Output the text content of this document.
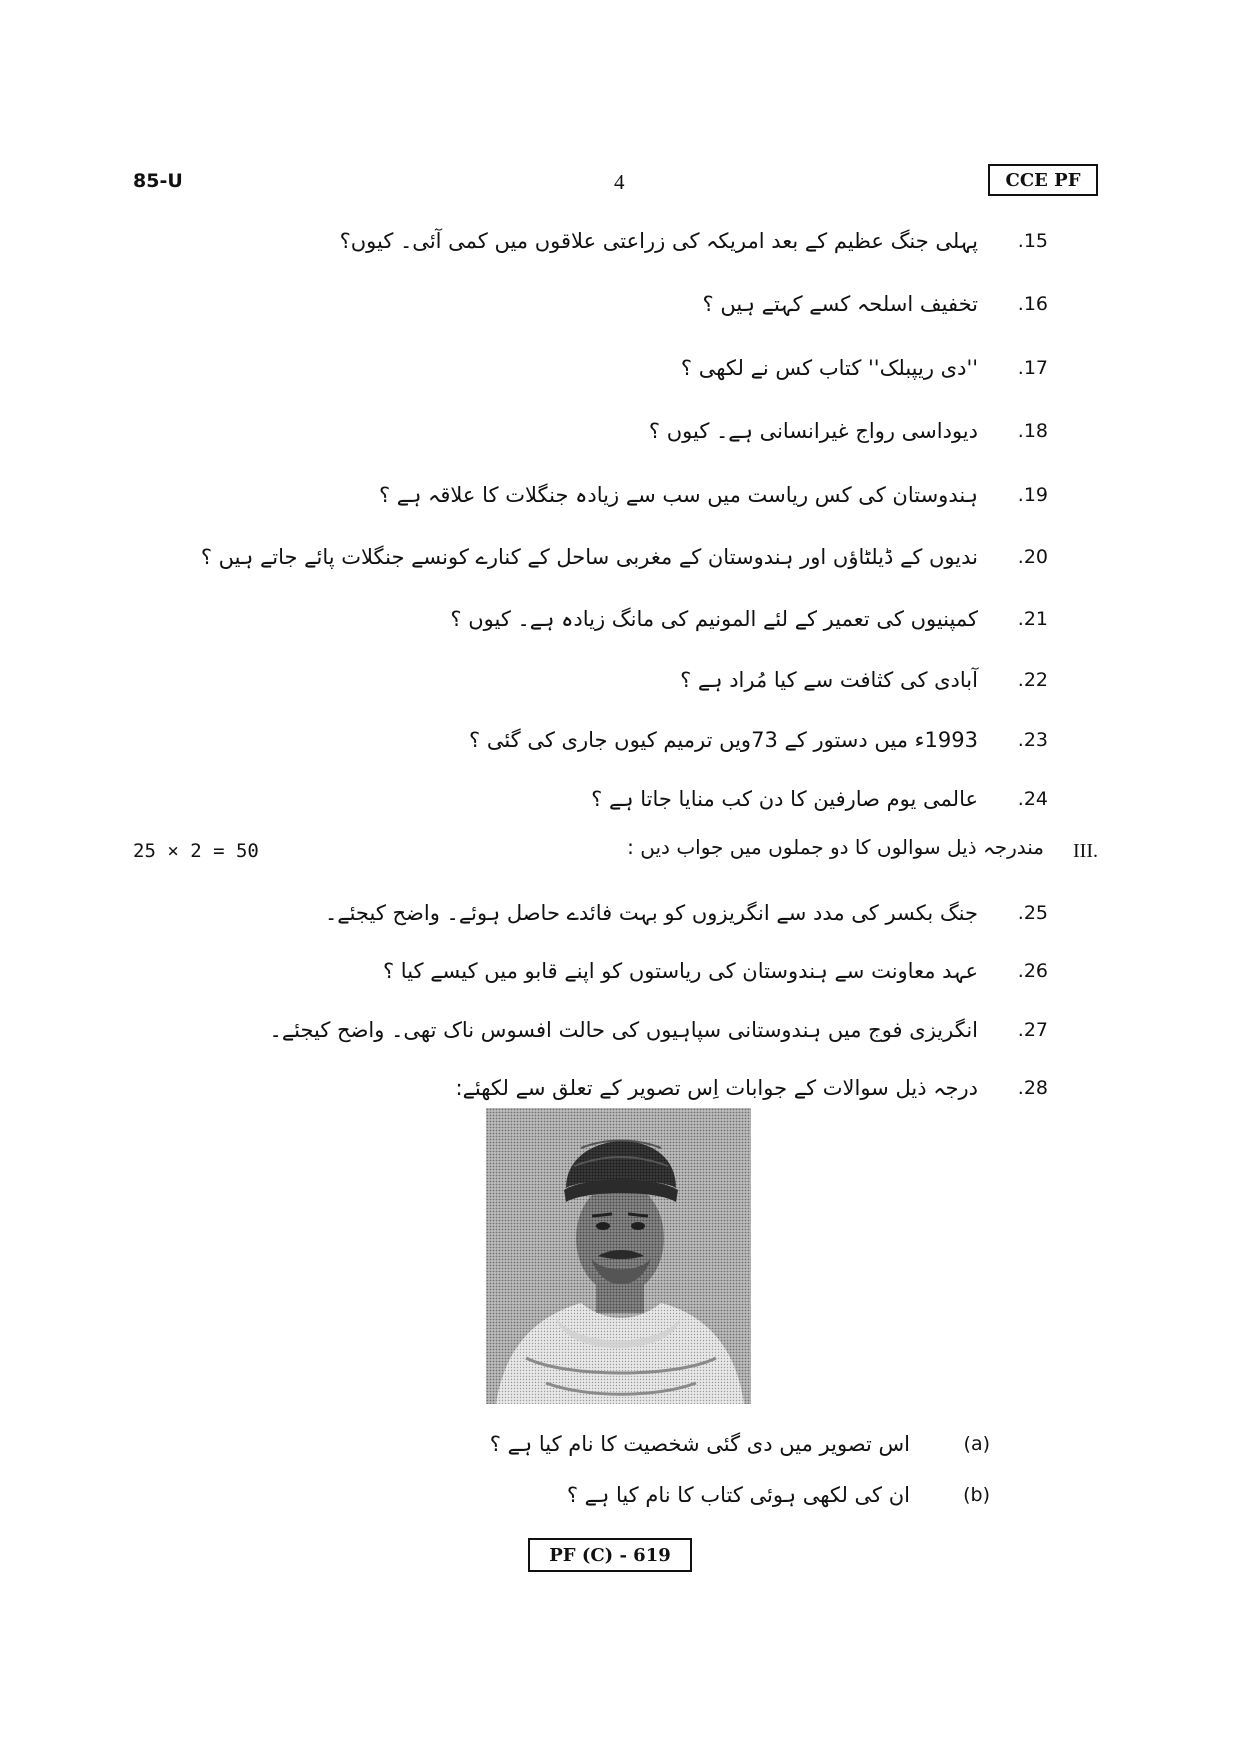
85-U	4	CCE PF
.15
پہلی جنگ عظیم کے بعد امریکہ کی زراعتی علاقوں میں کمی آئی۔ کیوں؟
.16
تخفیف اسلحہ کسے کہتے ہیں ؟
.17
''دی ریپبلک'' کتاب کس نے لکھی ؟
.18
دیوداسی رواج غیرانسانی ہے۔ کیوں ؟
.19
ہندوستان کی کس ریاست میں سب سے زیادہ جنگلات کا علاقہ ہے ؟
.20
ندیوں کے ڈیلٹاؤں اور ہندوستان کے مغربی ساحل کے کنارے کونسے جنگلات پائے جاتے ہیں ؟
.21
کمپنیوں کی تعمیر کے لئے المونیم کی مانگ زیادہ ہے۔ کیوں ؟
.22
آبادی کی کثافت سے کیا مُراد ہے ؟
.23
1993ء میں دستور کے 73ویں ترمیم کیوں جاری کی گئی ؟
.24
عالمی یوم صارفین کا دن کب منایا جاتا ہے ؟
25 × 2 = 50	مندرجہ ذیل سوالوں کا دو جملوں میں جواب دیں : III.
.25
جنگ بکسر کی مدد سے انگریزوں کو بہت فائدے حاصل ہوئے۔ واضح کیجئے۔
.26
عہد معاونت سے ہندوستان کی ریاستوں کو اپنے قابو میں کیسے کیا ؟
.27
انگریزی فوج میں ہندوستانی سپاہیوں کی حالت افسوس ناک تھی۔ واضح کیجئے۔
.28
درجہ ذیل سوالات کے جوابات اِس تصویر کے تعلق سے لکھئے:
(a)
اس تصویر میں دی گئی شخصیت کا نام کیا ہے ؟
(b)
ان کی لکھی ہوئی کتاب کا نام کیا ہے ؟
PF (C) - 619
